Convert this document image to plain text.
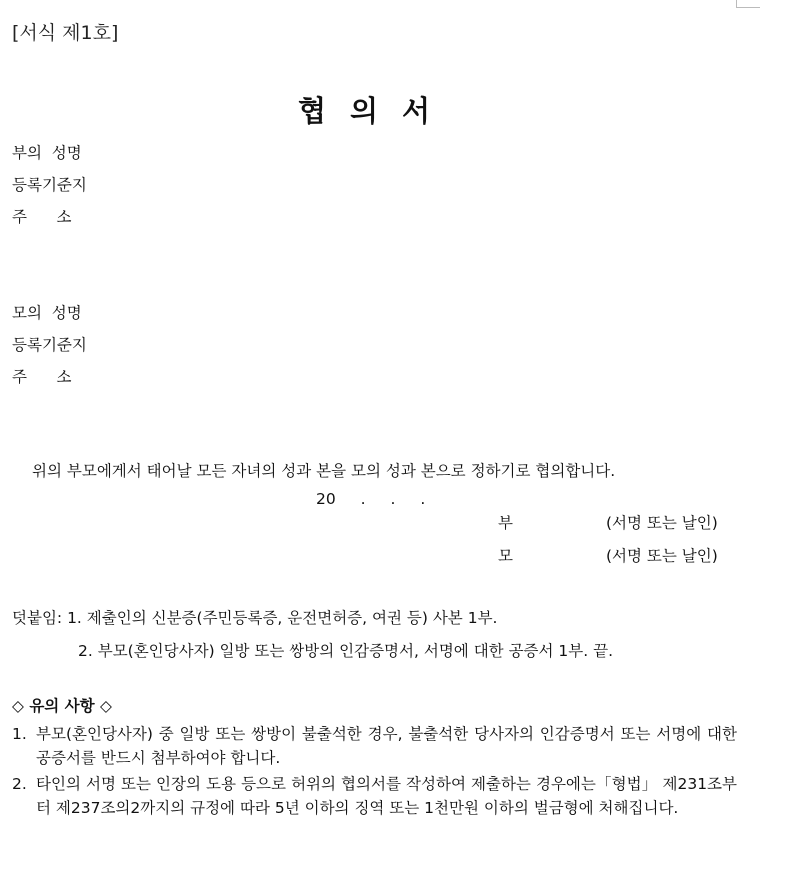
[서식 제1호]
협 의 서
부의  성명
등록기준지
주      소
모의  성명
등록기준지
주      소
위의 부모에게서 태어날 모든 자녀의 성과 본을 모의 성과 본으로 정하기로 협의합니다.
20 . . .
부	(서명 또는 날인)
모	(서명 또는 날인)
덧붙임: 1. 제출인의 신분증(주민등록증, 운전면허증, 여권 등) 사본 1부.
2. 부모(혼인당사자) 일방 또는 쌍방의 인감증명서, 서명에 대한 공증서 1부. 끝.
◇ 유의 사항 ◇
1. 부모(혼인당사자) 중 일방 또는 쌍방이 불출석한 경우, 불출석한 당사자의 인감증명서 또는 서명에 대한 공증서를 반드시 첨부하여야 합니다.
2. 타인의 서명 또는 인장의 도용 등으로 허위의 협의서를 작성하여 제출하는 경우에는「형법」 제231조부터 제237조의2까지의 규정에 따라 5년 이하의 징역 또는 1천만원 이하의 벌금형에 처해집니다.
